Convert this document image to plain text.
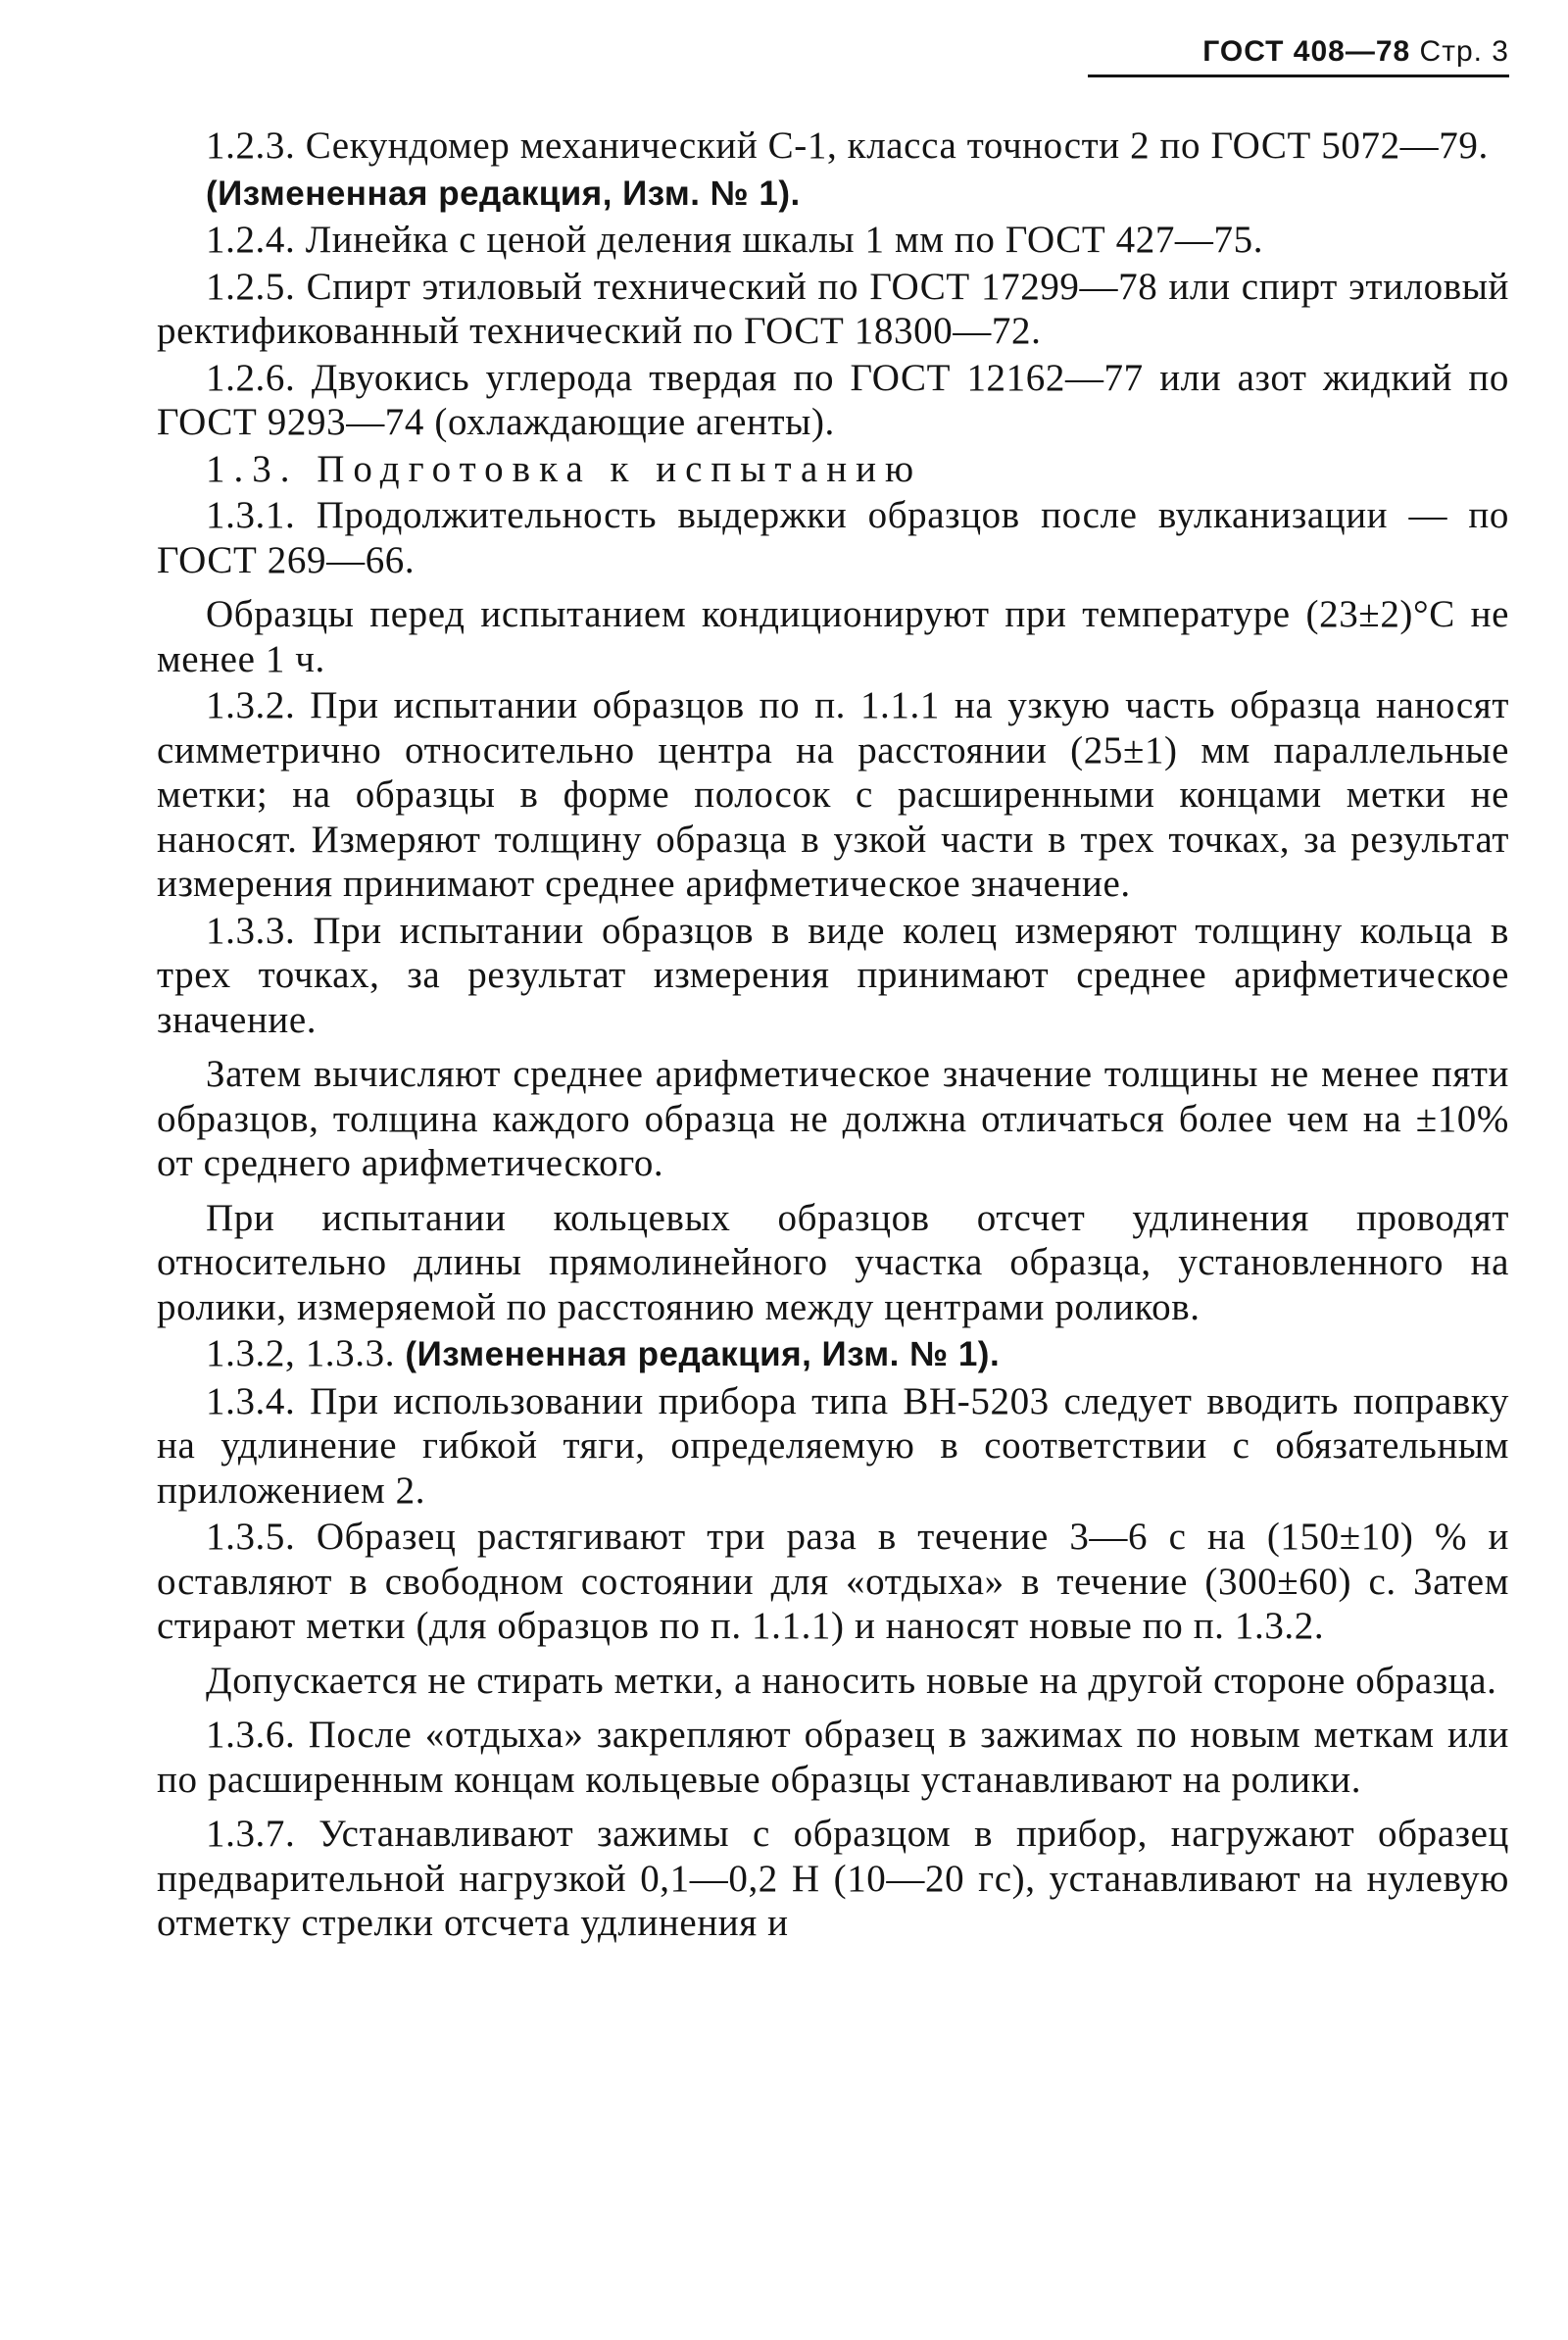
ГОСТ 408—78 Стр. 3

1.2.3. Секундомер механический С-1, класса точности 2 по ГОСТ 5072—79.

(Измененная редакция, Изм. № 1).

1.2.4. Линейка с ценой деления шкалы 1 мм по ГОСТ 427—75.

1.2.5. Спирт этиловый технический по ГОСТ 17299—78 или спирт этиловый ректификованный технический по ГОСТ 18300—72.

1.2.6. Двуокись углерода твердая по ГОСТ 12162—77 или азот жидкий по ГОСТ 9293—74 (охлаждающие агенты).

1.3. Подготовка к испытанию

1.3.1. Продолжительность выдержки образцов после вулканизации — по ГОСТ 269—66.

Образцы перед испытанием кондиционируют при температуре (23±2)°С не менее 1 ч.

1.3.2. При испытании образцов по п. 1.1.1 на узкую часть образца наносят симметрично относительно центра на расстоянии (25±1) мм параллельные метки; на образцы в форме полосок с расширенными концами метки не наносят. Измеряют толщину образца в узкой части в трех точках, за результат измерения принимают среднее арифметическое значение.

1.3.3. При испытании образцов в виде колец измеряют толщину кольца в трех точках, за результат измерения принимают среднее арифметическое значение.

Затем вычисляют среднее арифметическое значение толщины не менее пяти образцов, толщина каждого образца не должна отличаться более чем на ±10% от среднего арифметического.

При испытании кольцевых образцов отсчет удлинения проводят относительно длины прямолинейного участка образца, установленного на ролики, измеряемой по расстоянию между центрами роликов.

1.3.2, 1.3.3. (Измененная редакция, Изм. № 1).

1.3.4. При использовании прибора типа ВН-5203 следует вводить поправку на удлинение гибкой тяги, определяемую в соответствии с обязательным приложением 2.

1.3.5. Образец растягивают три раза в течение 3—6 с на (150±10) % и оставляют в свободном состоянии для «отдыха» в течение (300±60) с. Затем стирают метки (для образцов по п. 1.1.1) и наносят новые по п. 1.3.2.

Допускается не стирать метки, а наносить новые на другой стороне образца.

1.3.6. После «отдыха» закрепляют образец в зажимах по новым меткам или по расширенным концам кольцевые образцы устанавливают на ролики.

1.3.7. Устанавливают зажимы с образцом в прибор, нагружают образец предварительной нагрузкой 0,1—0,2 Н (10—20 гс), устанавливают на нулевую отметку стрелки отсчета удлинения и
